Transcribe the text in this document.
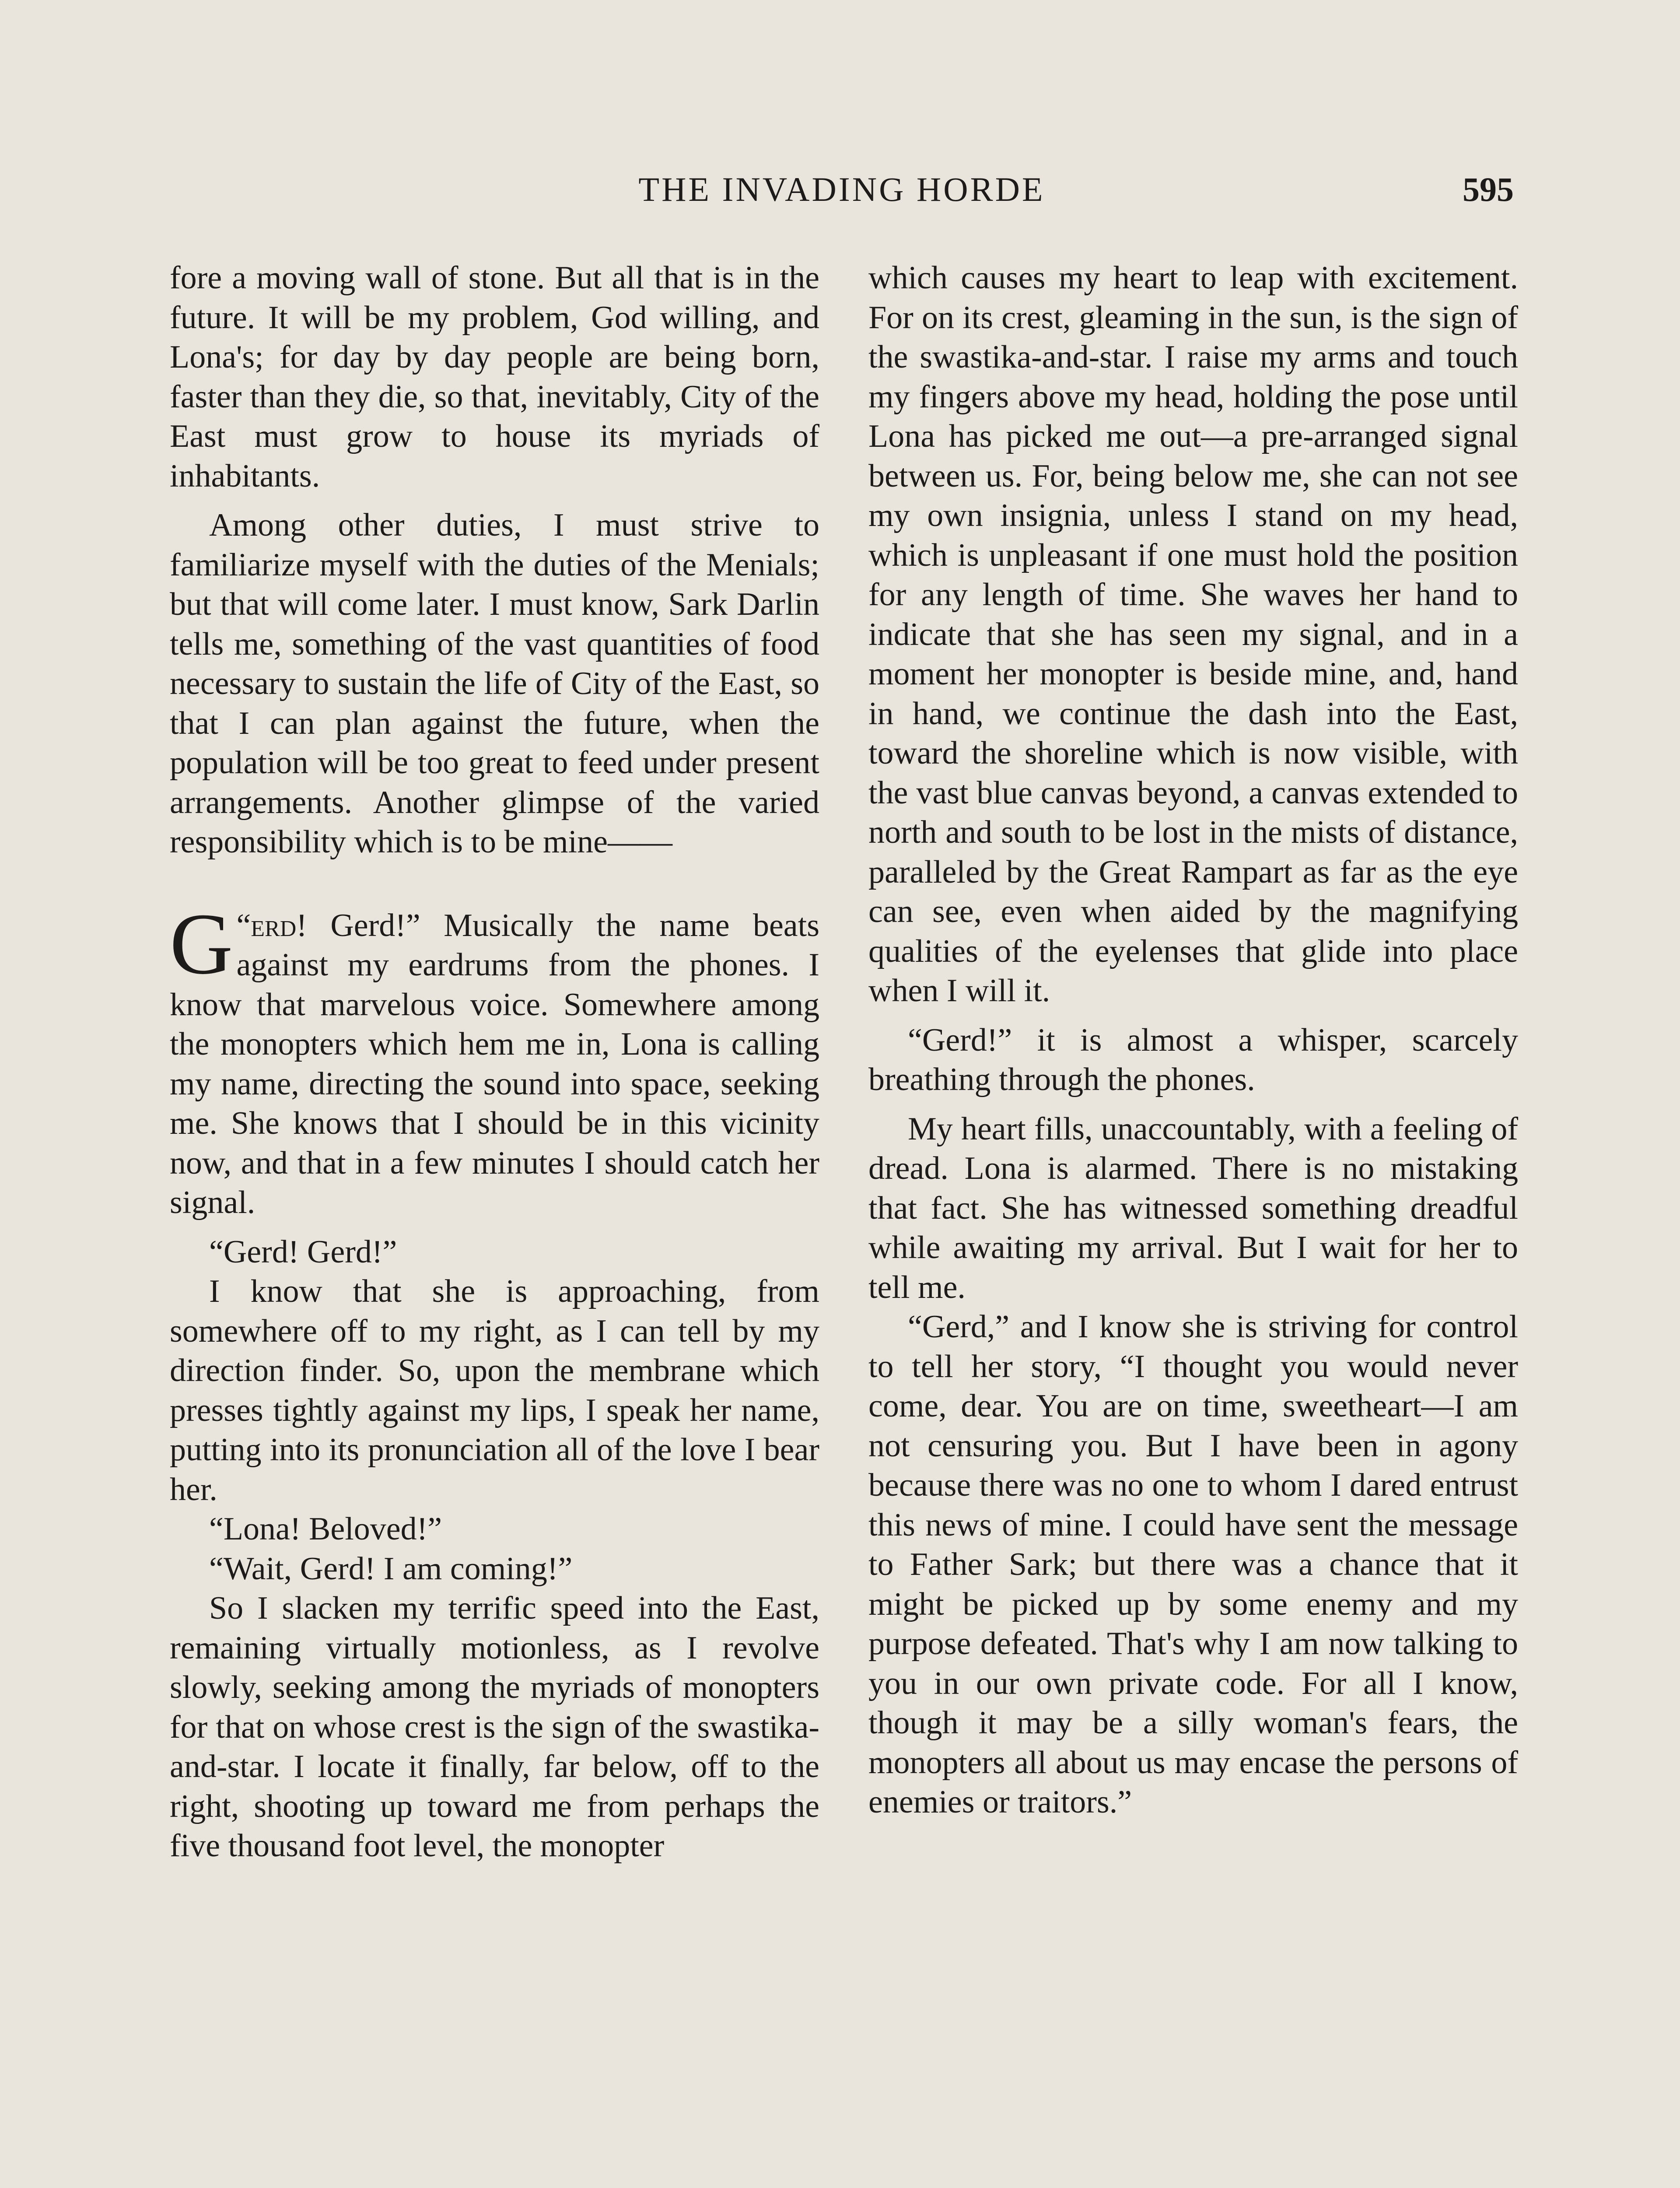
THE INVADING HORDE	595

fore a moving wall of stone. But all that is in the future. It will be my problem, God willing, and Lona's; for day by day people are being born, faster than they die, so that, inevitably, City of the East must grow to house its myriads of inhabitants.

Among other duties, I must strive to familiarize myself with the duties of the Menials; but that will come later. I must know, Sark Darlin tells me, something of the vast quantities of food necessary to sustain the life of City of the East, so that I can plan against the future, when the population will be too great to feed under present arrangements. Another glimpse of the varied responsibility which is to be mine——

“
G erd! Gerd!” Musically the name beats against my eardrums from the phones. I know that marvelous voice. Somewhere among the monopters which hem me in, Lona is calling my name, directing the sound into space, seeking me. She knows that I should be in this vicinity now, and that in a few minutes I should catch her signal.

“Gerd! Gerd!”

I know that she is approaching, from somewhere off to my right, as I can tell by my direction finder. So, upon the membrane which presses tightly against my lips, I speak her name, putting into its pronunciation all of the love I bear her.

“Lona! Beloved!”

“Wait, Gerd! I am coming!”

So I slacken my terrific speed into the East, remaining virtually motionless, as I revolve slowly, seeking among the myriads of monopters for that on whose crest is the sign of the swastika-and-star. I locate it finally, far below, off to the right, shooting up toward me from perhaps the five thousand foot level, the monopter

which causes my heart to leap with excitement. For on its crest, gleaming in the sun, is the sign of the swastika-and-star. I raise my arms and touch my fingers above my head, holding the pose until Lona has picked me out—a pre-arranged signal between us. For, being below me, she can not see my own insignia, unless I stand on my head, which is unpleasant if one must hold the position for any length of time. She waves her hand to indicate that she has seen my signal, and in a moment her monopter is beside mine, and, hand in hand, we continue the dash into the East, toward the shoreline which is now visible, with the vast blue canvas beyond, a canvas extended to north and south to be lost in the mists of distance, paralleled by the Great Rampart as far as the eye can see, even when aided by the magnifying qualities of the eyelenses that glide into place when I will it.

“Gerd!” it is almost a whisper, scarcely breathing through the phones.

My heart fills, unaccountably, with a feeling of dread. Lona is alarmed. There is no mistaking that fact. She has witnessed something dreadful while awaiting my arrival. But I wait for her to tell me.

“Gerd,” and I know she is striving for control to tell her story, “I thought you would never come, dear. You are on time, sweetheart—I am not censuring you. But I have been in agony because there was no one to whom I dared entrust this news of mine. I could have sent the message to Father Sark; but there was a chance that it might be picked up by some enemy and my purpose defeated. That's why I am now talking to you in our own private code. For all I know, though it may be a silly woman's fears, the monopters all about us may encase the persons of enemies or traitors.”
